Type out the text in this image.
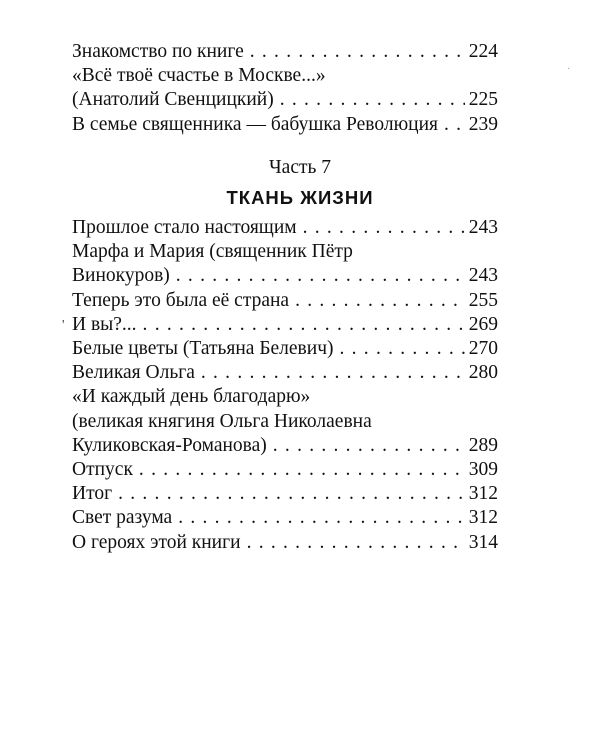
Знакомство по книге . . .	224
«Всё твоё счастье в Москве...»
(Анатолий Свенцицкий) . . .	225
В семье священника — бабушка Революция . . . 239
Часть 7
ТКАНЬ ЖИЗНИ
Прошлое стало настоящим . . .	243
Марфа и Мария (священник Пётр
Винокуров) . . .	243
Теперь это была её страна . . .	255
И вы?... . . .	269
Белые цветы (Татьяна Белевич) . . .	270
Великая Ольга . . .	280
«И каждый день благодарю»
(великая княгиня Ольга Николаевна
Куликовская-Романова) . . .	289
Отпуск . . .	309
Итог . . .	312
Свет разума . . .	312
О героях этой книги . . .	314
'
·
